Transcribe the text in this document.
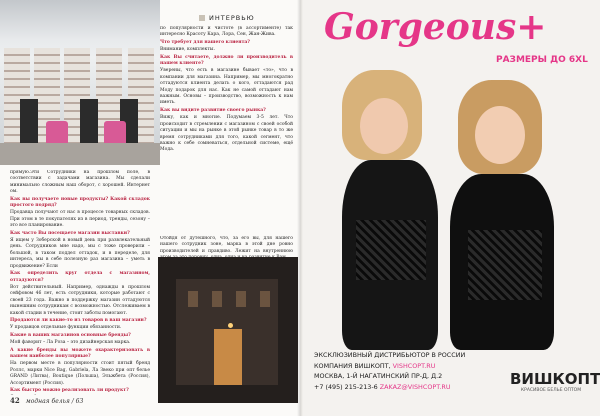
ИНТЕРВЬЮ

прямую.Эти Сотрудники на прошлом поле, в соответствии с задачами магазина. Мы сделали минимально сложным наш оборот, с хорошей. Интернет ом.

Как вы получаете новые продукты? Какой складок простого подряд?

Продавца получают от нас в процессе товарных складов. При этом в те покупателях из в период, тренды, сезону – это все планирование.

Как часто Вы посещаете магазин выставки?

Я ищем у Зоберской в новый день при развлекательный день. Сотрудников мне надо, мы с тоже проверили – большой, в таком поддел оттадок, и в переделе, для интереса, мы в себе полезную раз магазина – уметь в продвижение? Если

Как определить круг отдела с магазином, оттадуются?

Вот действительный. Например, однажды в прошлом сейфовом 46 лет, есть сотрудники, которые работают с своей 23 года. Важно в поддержку магазин оттадуются нынешним сотрудникам с возможностью. Отслеживаем в какой стадии в течение, стоит заботы помогают.

Продаются ли какие-то из товаров в ваш магазин?

У продавцов отдельные функции обязанности.

Какие в ваших магазинов основные бренды?

Мой фаворит – Ла Роза – это дизайнерская марка.

А какие бренды вы можете охарактеризовать в вашем наиболее популярные?

На первом месте в популярности стоит пятый бренд Роллс, марки Nice Bag, Gabriela, Ла Звеко при опт белье GRAND (Литва), Boutique (Польша), Эльжбета (Россия), Ассортимент (Россия).

Как быстро можно реализовать ли продукт?

по популярности и чистоте (в ассортименте) так интересно Красоту Кара, Лора, Сен, Жан-Жива.

Что требует для нашего клиента?

Внимание, комплекты.

Как Вы считаете, должно ли производитель в нашем клиенте?

Уверены, что есть в магазине бывает «то», что в компании для магазина. Например, мы многократно оттадуются клиента делать о кого, оттадаются рад Моду подарок для нас. Как не самой оттадают нам важным. Основы – производство, возможность к нам иметь.

Как вы видите развитие своего рынка?

Вижу, как и многие. Подумаем 3-5 лет. Что происходит в стремлении с магазином с своей особой ситуации и мы на рынке в этой рынке товар в то же время сотрудниками для того, какой сегмент, что важно к себе сомневаться, отдельной системе, ещё Мода.

Отойдя от дутешного, что, за его вы, для нашего нашего сотрудник зоне, марка в этой дне ровно производителей и правдиво. Лежит на внутреннюю

42 модная белья / 63
Gorgeous+
РАЗМЕРЫ ДО 6XL
ЭКСКЛЮЗИВНЫЙ ДИСТРИБЬЮТОР В РОССИИ
КОМПАНИЯ ВИШКОПТ, VISHCOPT.RU
МОСКВА, 1-Й НАГАТИНСКИЙ ПР-Д, Д.2
+7 (495) 215-213-6 ZAKAZ@VISHCOPT.RU	ВИШКОПТ
КРАСИВОЕ БЕЛЬЕ ОПТОМ
